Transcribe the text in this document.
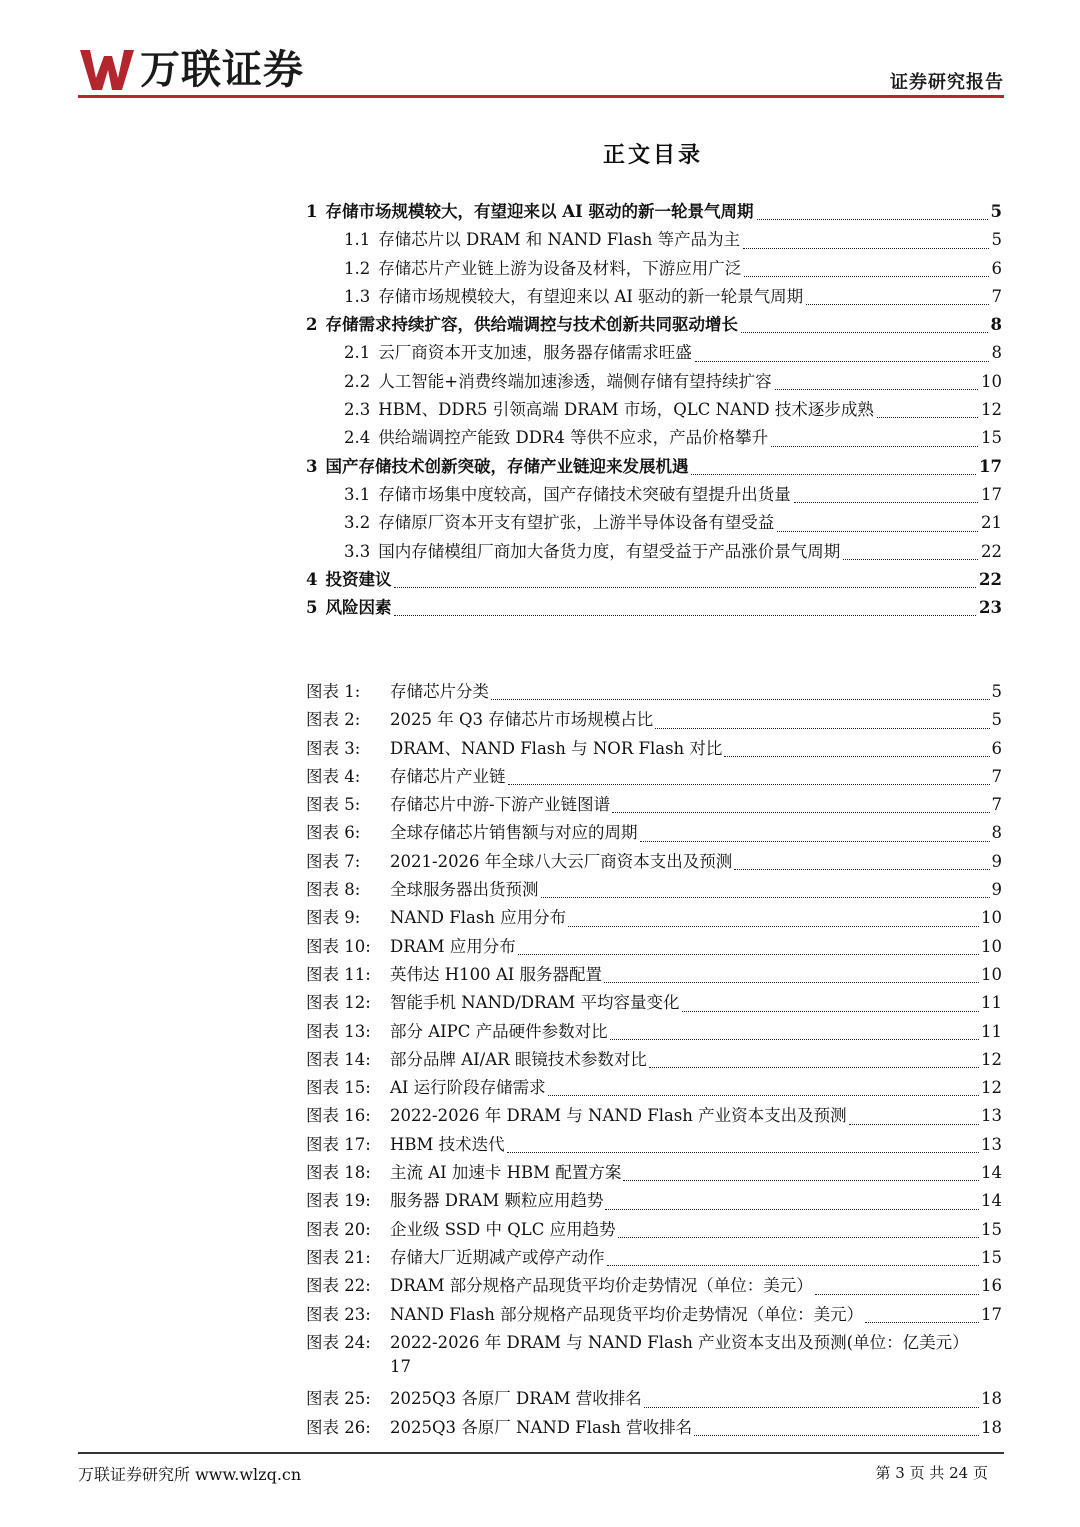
万联证券	证券研究报告
正文目录
1 存储市场规模较大，有望迎来以 AI 驱动的新一轮景气周期	5
1.1 存储芯片以 DRAM 和 NAND Flash 等产品为主	5
1.2 存储芯片产业链上游为设备及材料，下游应用广泛	6
1.3 存储市场规模较大，有望迎来以 AI 驱动的新一轮景气周期	7
2 存储需求持续扩容，供给端调控与技术创新共同驱动增长	8
2.1 云厂商资本开支加速，服务器存储需求旺盛	8
2.2 人工智能+消费终端加速渗透，端侧存储有望持续扩容	10
2.3 HBM、DDR5 引领高端 DRAM 市场，QLC NAND 技术逐步成熟	12
2.4 供给端调控产能致 DDR4 等供不应求，产品价格攀升	15
3 国产存储技术创新突破，存储产业链迎来发展机遇	17
3.1 存储市场集中度较高，国产存储技术突破有望提升出货量	17
3.2 存储原厂资本开支有望扩张，上游半导体设备有望受益	21
3.3 国内存储模组厂商加大备货力度，有望受益于产品涨价景气周期	22
4 投资建议	22
5 风险因素	23
图表 1:	存储芯片分类	5
图表 2:	2025 年 Q3 存储芯片市场规模占比	5
图表 3:	DRAM、NAND Flash 与 NOR Flash 对比	6
图表 4:	存储芯片产业链	7
图表 5:	存储芯片中游-下游产业链图谱	7
图表 6:	全球存储芯片销售额与对应的周期	8
图表 7:	2021-2026 年全球八大云厂商资本支出及预测	9
图表 8:	全球服务器出货预测	9
图表 9:	NAND Flash 应用分布	10
图表 10:	DRAM 应用分布	10
图表 11:	英伟达 H100 AI 服务器配置	10
图表 12:	智能手机 NAND/DRAM 平均容量变化	11
图表 13:	部分 AIPC 产品硬件参数对比	11
图表 14:	部分品牌 AI/AR 眼镜技术参数对比	12
图表 15:	AI 运行阶段存储需求	12
图表 16:	2022-2026 年 DRAM 与 NAND Flash 产业资本支出及预测	13
图表 17:	HBM 技术迭代	13
图表 18:	主流 AI 加速卡 HBM 配置方案	14
图表 19:	服务器 DRAM 颗粒应用趋势	14
图表 20:	企业级 SSD 中 QLC 应用趋势	15
图表 21:	存储大厂近期减产或停产动作	15
图表 22:	DRAM 部分规格产品现货平均价走势情况（单位：美元）	16
图表 23:	NAND Flash 部分规格产品现货平均价走势情况（单位：美元）	17
图表 24:	2022-2026 年 DRAM 与 NAND Flash 产业资本支出及预测(单位：亿美元）
17
图表 25:	2025Q3 各原厂 DRAM 营收排名	18
图表 26:	2025Q3 各原厂 NAND Flash 营收排名	18
万联证券研究所 www.wlzq.cn	第 3 页 共 24 页
